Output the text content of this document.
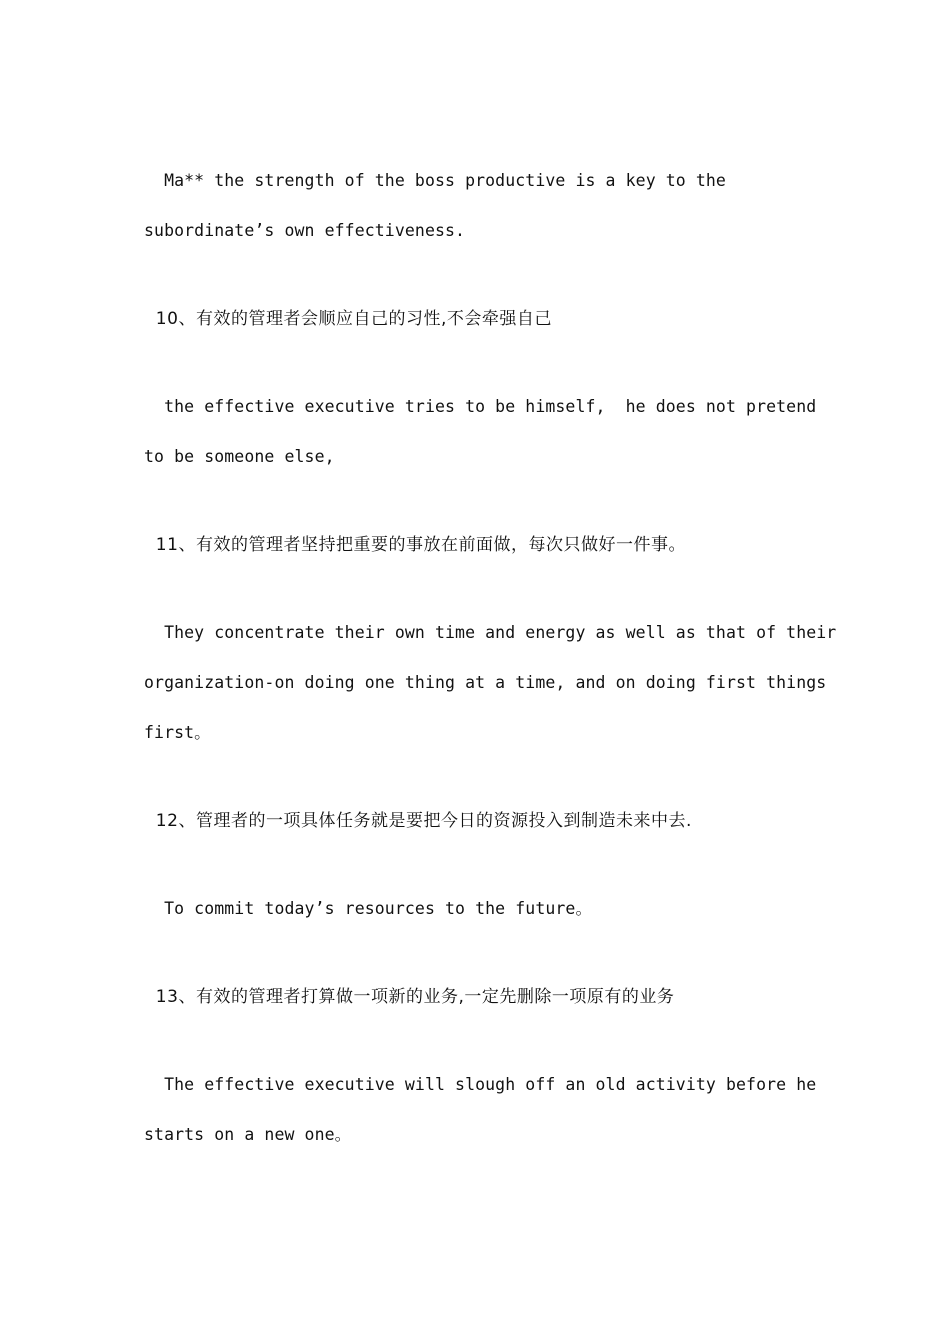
Ma** the strength of the boss productive is a key to the
subordinate’s own effectiveness.
10、有效的管理者会顺应自己的习性,不会牵强自己
the effective executive tries to be himself,  he does not pretend
to be someone else,
11、有效的管理者坚持把重要的事放在前面做，每次只做好一件事。
They concentrate their own time and energy as well as that of their
organization-on doing one thing at a time, and on doing first things
first。
12、管理者的一项具体任务就是要把今日的资源投入到制造未来中去.
To commit today’s resources to the future。
13、有效的管理者打算做一项新的业务,一定先删除一项原有的业务
The effective executive will slough off an old activity before he
starts on a new one。
